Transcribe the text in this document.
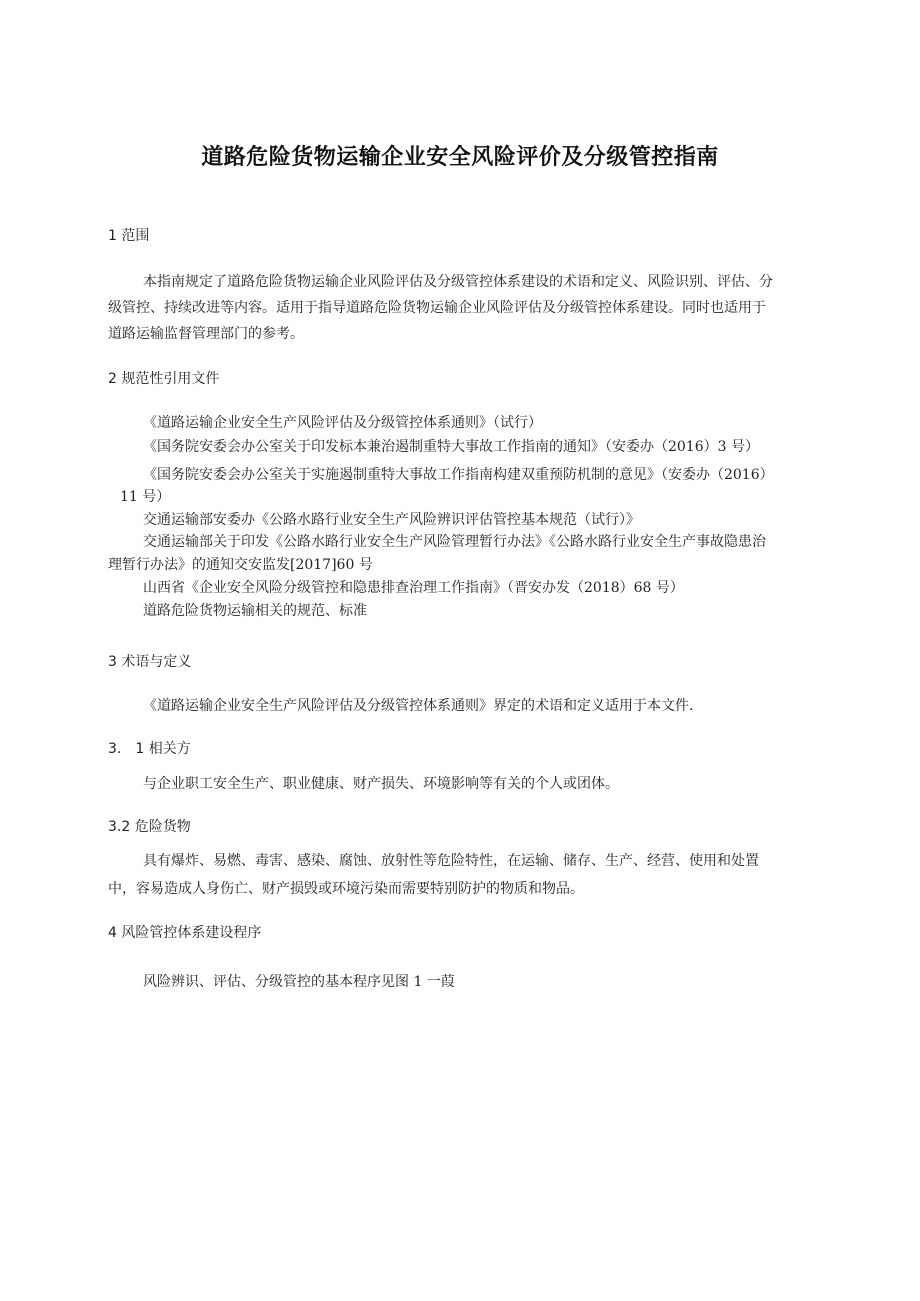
道路危险货物运输企业安全风险评价及分级管控指南
1 范围
本指南规定了道路危险货物运输企业风险评估及分级管控体系建设的术语和定义、风险识别、评估、分
级管控、持续改进等内容。适用于指导道路危险货物运输企业风险评估及分级管控体系建设。同时也适用于
道路运输监督管理部门的参考。
2 规范性引用文件
《道路运输企业安全生产风险评估及分级管控体系通则》（试行）
《国务院安委会办公室关于印发标本兼治遏制重特大事故工作指南的通知》（安委办（2016）3 号）
《国务院安委会办公室关于实施遏制重特大事故工作指南构建双重预防机制的意见》（安委办（2016）
11 号）
交通运输部安委办《公路水路行业安全生产风险辨识评估管控基本规范（试行）》
交通运输部关于印发《公路水路行业安全生产风险管理暂行办法》《公路水路行业安全生产事故隐患治
理暂行办法》的通知交安监发[2017]60 号
山西省《企业安全风险分级管控和隐患排查治理工作指南》（晋安办发（2018）68 号）
道路危险货物运输相关的规范、标准
3 术语与定义
《道路运输企业安全生产风险评估及分级管控体系通则》界定的术语和定义适用于本文件.
3.　1 相关方
与企业职工安全生产、职业健康、财产损失、环境影响等有关的个人或团体。
3.2 危险货物
具有爆炸、易燃、毒害、感染、腐蚀、放射性等危险特性，在运输、储存、生产、经营、使用和处置
中，容易造成人身伤亡、财产损毁或环境污染而需要特别防护的物质和物品。
4 风险管控体系建设程序
风险辨识、评估、分级管控的基本程序见图 1 一葭
